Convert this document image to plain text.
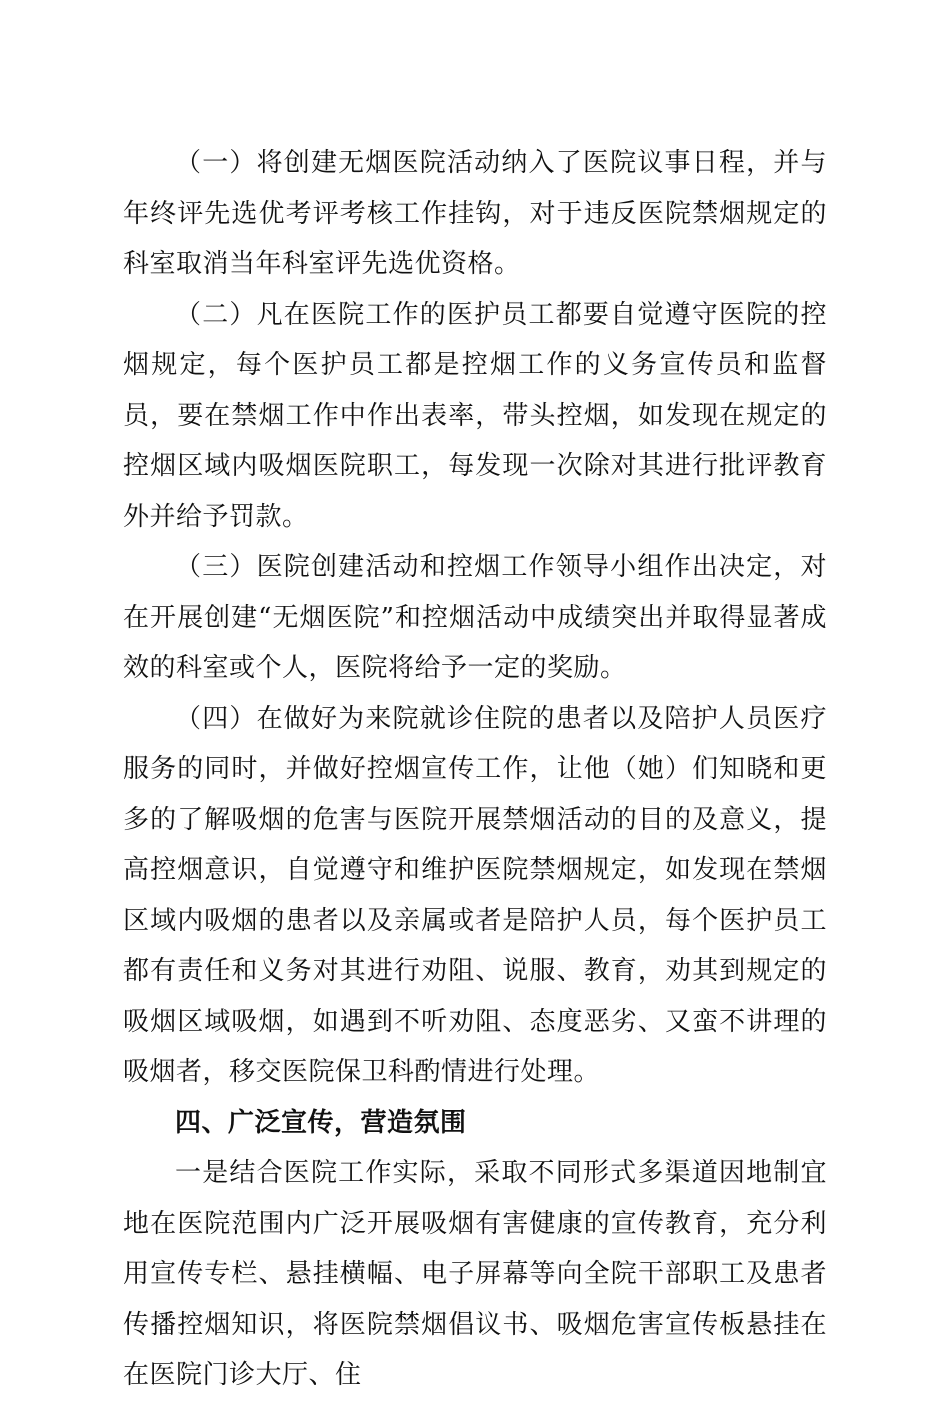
（一）将创建无烟医院活动纳入了医院议事日程，并与年终评先选优考评考核工作挂钩，对于违反医院禁烟规定的科室取消当年科室评先选优资格。

（二）凡在医院工作的医护员工都要自觉遵守医院的控烟规定，每个医护员工都是控烟工作的义务宣传员和监督员，要在禁烟工作中作出表率，带头控烟，如发现在规定的控烟区域内吸烟医院职工，每发现一次除对其进行批评教育外并给予罚款。

（三）医院创建活动和控烟工作领导小组作出决定，对在开展创建“无烟医院”和控烟活动中成绩突出并取得显著成效的科室或个人，医院将给予一定的奖励。

（四）在做好为来院就诊住院的患者以及陪护人员医疗服务的同时，并做好控烟宣传工作，让他（她）们知晓和更多的了解吸烟的危害与医院开展禁烟活动的目的及意义，提高控烟意识，自觉遵守和维护医院禁烟规定，如发现在禁烟区域内吸烟的患者以及亲属或者是陪护人员，每个医护员工都有责任和义务对其进行劝阻、说服、教育，劝其到规定的吸烟区域吸烟，如遇到不听劝阻、态度恶劣、又蛮不讲理的吸烟者，移交医院保卫科酌情进行处理。

四、广泛宣传，营造氛围

一是结合医院工作实际，采取不同形式多渠道因地制宜地在医院范围内广泛开展吸烟有害健康的宣传教育，充分利用宣传专栏、悬挂横幅、电子屏幕等向全院干部职工及患者传播控烟知识，将医院禁烟倡议书、吸烟危害宣传板悬挂在在医院门诊大厅、住
